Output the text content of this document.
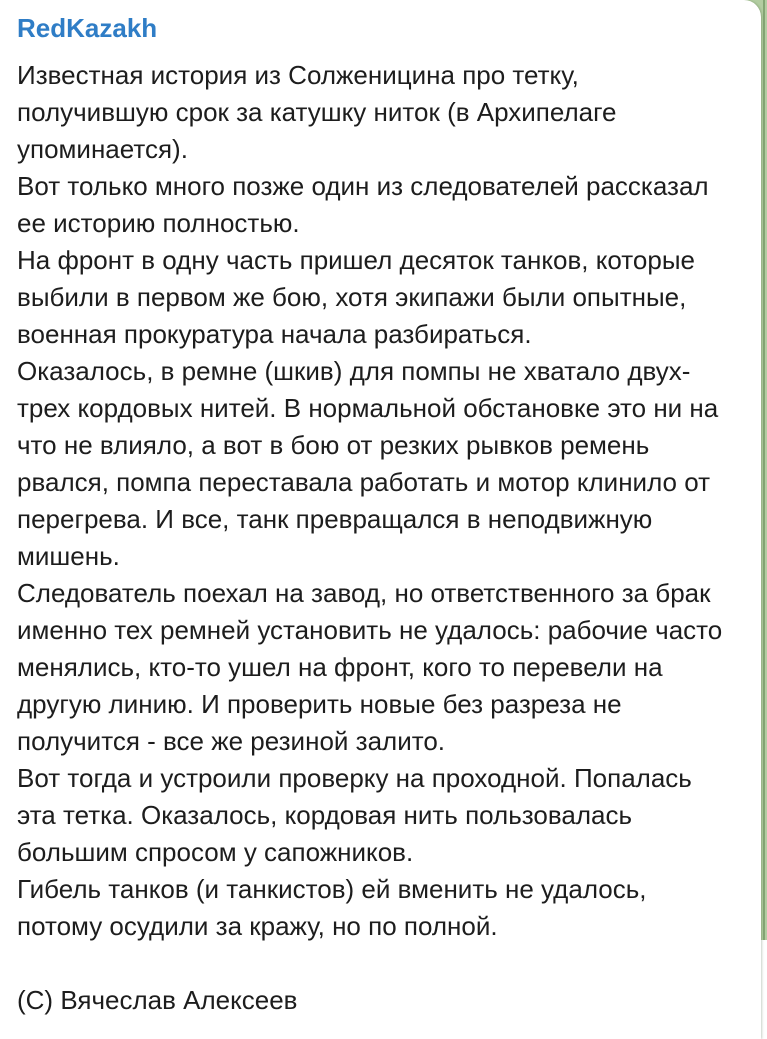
RedKazakh

Известная история из Солженицина про тетку, получившую срок за катушку ниток (в Архипелаге упоминается).

Вот только много позже один из следователей рассказал ее историю полностью.

На фронт в одну часть пришел десяток танков, которые выбили в первом же бою, хотя экипажи были опытные, военная прокуратура начала разбираться.

Оказалось, в ремне (шкив) для помпы не хватало двух-трех кордовых нитей. В нормальной обстановке это ни на что не влияло, а вот в бою от резких рывков ремень рвался, помпа переставала работать и мотор клинило от перегрева. И все, танк превращался в неподвижную мишень.

Следователь поехал на завод, но ответственного за брак именно тех ремней установить не удалось: рабочие часто менялись, кто-то ушел на фронт, кого то перевели на другую линию. И проверить новые без разреза не получится - все же резиной залито.

Вот тогда и устроили проверку на проходной. Попалась эта тетка. Оказалось, кордовая нить пользовалась большим спросом у сапожников.

Гибель танков (и танкистов) ей вменить не удалось, потому осудили за кражу, но по полной.

(С) Вячеслав Алексеев
